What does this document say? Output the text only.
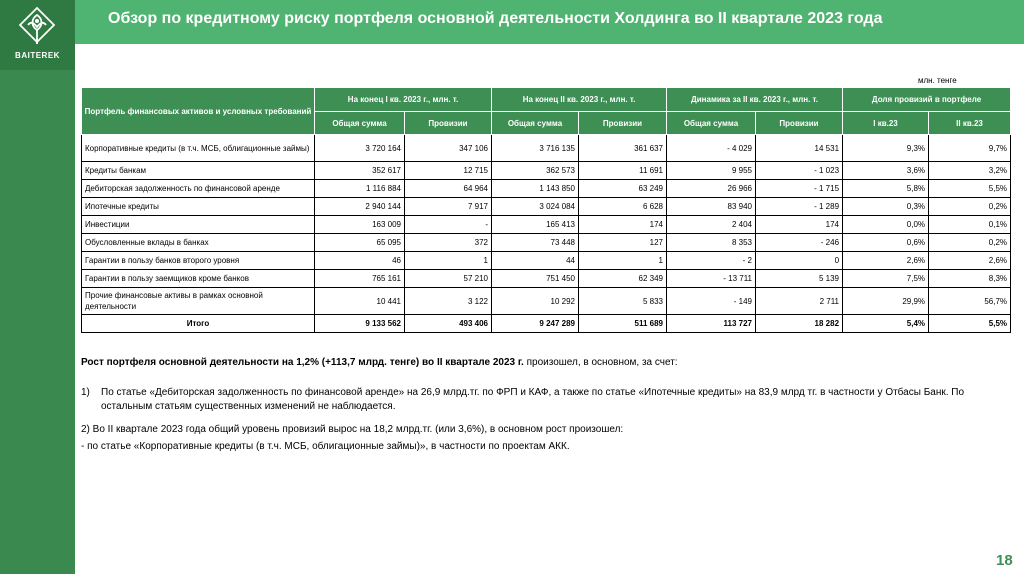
BAITEREK
Обзор по кредитному риску портфеля основной деятельности Холдинга во II квартале 2023 года
млн. тенге
Портфель финансовых активов и условных требований	На конец I кв. 2023 г., млн. т.		На конец II кв. 2023 г., млн. т.		Динамика за II кв. 2023 г., млн. т.		Доля провизий в портфеле	
	Общая сумма	Провизии	Общая сумма	Провизии	Общая сумма	Провизии	I кв.23	II кв.23
Корпоративные кредиты (в т.ч. МСБ, облигационные займы)	3 720 164	347 106	3 716 135	361 637	- 4 029	14 531	9,3%	9,7%
Кредиты банкам	352 617	12 715	362 573	11 691	9 955	- 1 023	3,6%	3,2%
Дебиторская задолженность по финансовой аренде	1 116 884	64 964	1 143 850	63 249	26 966	- 1 715	5,8%	5,5%
Ипотечные кредиты	2 940 144	7 917	3 024 084	6 628	83 940	- 1 289	0,3%	0,2%
Инвестиции	163 009	-	165 413	174	2 404	174	0,0%	0,1%
Обусловленные вклады в банках	65 095	372	73 448	127	8 353	- 246	0,6%	0,2%
Гарантии в пользу банков второго уровня	46	1	44	1	- 2	0	2,6%	2,6%
Гарантии в пользу заемщиков кроме банков	765 161	57 210	751 450	62 349	- 13 711	5 139	7,5%	8,3%
Прочие финансовые активы в рамках основной деятельности	10 441	3 122	10 292	5 833	- 149	2 711	29,9%	56,7%
Итого	9 133 562	493 406	9 247 289	511 689	113 727	18 282	5,4%	5,5%

Рост портфеля основной деятельности на 1,2% (+113,7 млрд. тенге) во II квартале 2023 г. произошел, в основном, за счет:

1)	По статье «Дебиторская задолженность по финансовой аренде» на 26,9 млрд.тг. по ФРП и КАФ, а также по статье «Ипотечные кредиты» на 83,9 млрд тг. в частности у Отбасы Банк. По остальным статьям существенных изменений не наблюдается.

2) Во II квартале 2023 года общий уровень провизий вырос на 18,2 млрд.тг. (или 3,6%), в основном рост произошел:

- по статье «Корпоративные кредиты (в т.ч. МСБ, облигационные займы)», в частности по проектам АКК.

18
